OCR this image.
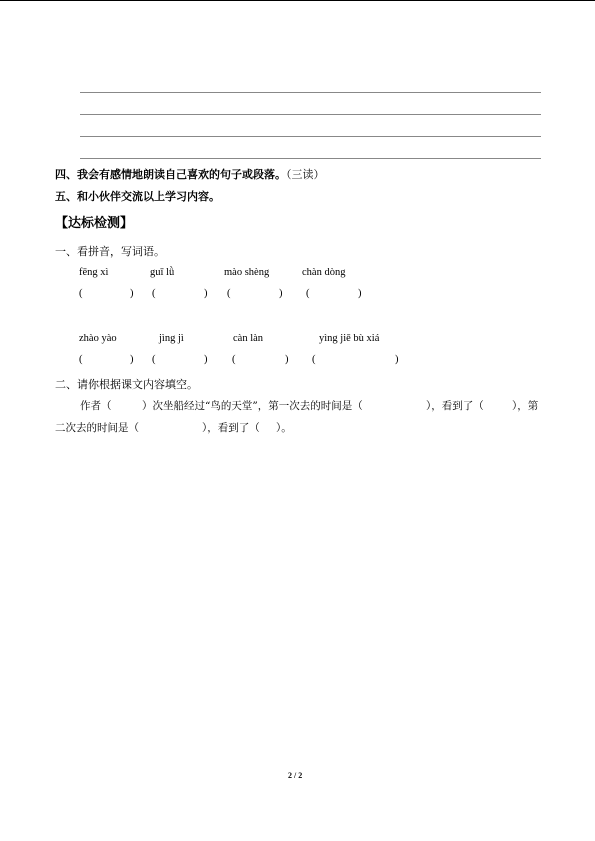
四、我会有感情地朗读自己喜欢的句子或段落。（三读）
五、和小伙伴交流以上学习内容。
【达标检测】
一、看拼音，写词语。
fēng xì	guī lǜ	mào shèng	chàn dòng
(	) (	) (	) (	)
zhào yào	jìng jì	càn làn	yìng jiē bù xiá
(	) (	) (	) (	)
二、请你根据课文内容填空。
作者（	）次坐船经过“鸟的天堂”，第一次去的时间是（	），看到了（	），第
二次去的时间是（	），看到了（ ）。
2 / 2
